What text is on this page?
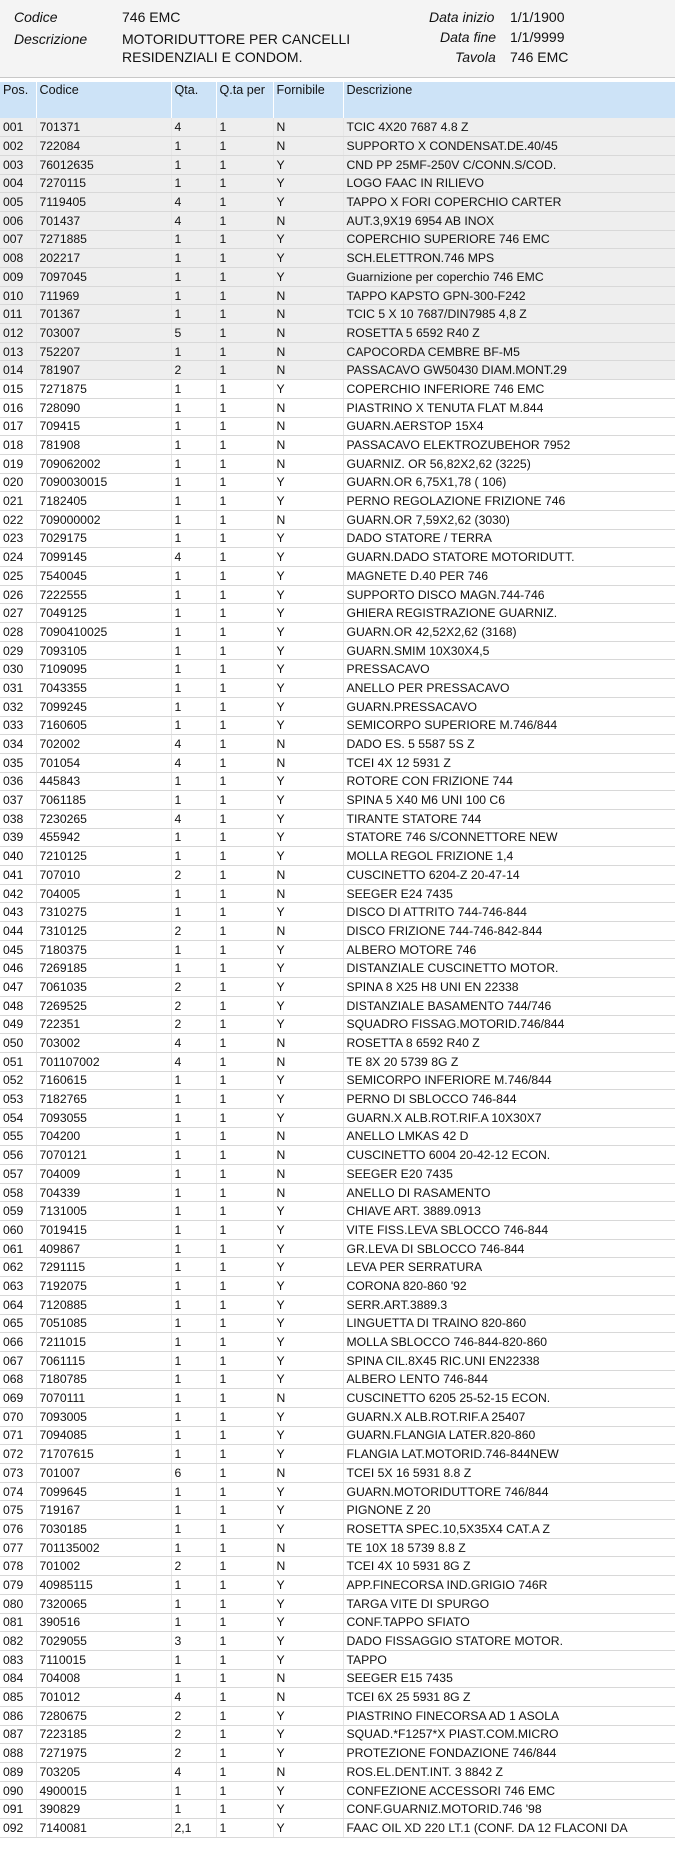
Codice	746 EMC
Descrizione MOTORIDUTTORE PER CANCELLI
RESIDENZIALI E CONDOM.
Data inizio 1/1/1900
Data fine 1/1/9999
Tavola 746 EMC
Pos.	Codice	Qta.	Q.ta per	Fornibile	Descrizione
001	701371	4	1	N	TCIC 4X20 7687 4.8 Z
002	722084	1	1	N	SUPPORTO X CONDENSAT.DE.40/45
003	76012635	1	1	Y	CND PP 25MF-250V C/CONN.S/COD.
004	7270115	1	1	Y	LOGO FAAC IN RILIEVO
005	7119405	4	1	Y	TAPPO X FORI COPERCHIO CARTER
006	701437	4	1	N	AUT.3,9X19 6954 AB INOX
007	7271885	1	1	Y	COPERCHIO SUPERIORE 746 EMC
008	202217	1	1	Y	SCH.ELETTRON.746 MPS
009	7097045	1	1	Y	Guarnizione per coperchio 746 EMC
010	711969	1	1	N	TAPPO KAPSTO GPN-300-F242
011	701367	1	1	N	TCIC 5 X 10 7687/DIN7985 4,8 Z
012	703007	5	1	N	ROSETTA 5 6592 R40 Z
013	752207	1	1	N	CAPOCORDA CEMBRE BF-M5
014	781907	2	1	N	PASSACAVO GW50430 DIAM.MONT.29
015	7271875	1	1	Y	COPERCHIO INFERIORE 746 EMC
016	728090	1	1	N	PIASTRINO X TENUTA FLAT M.844
017	709415	1	1	N	GUARN.AERSTOP 15X4
018	781908	1	1	N	PASSACAVO ELEKTROZUBEHOR 7952
019	709062002	1	1	N	GUARNIZ. OR 56,82X2,62 (3225)
020	7090030015	1	1	Y	GUARN.OR 6,75X1,78 ( 106)
021	7182405	1	1	Y	PERNO REGOLAZIONE FRIZIONE 746
022	709000002	1	1	N	GUARN.OR 7,59X2,62 (3030)
023	7029175	1	1	Y	DADO STATORE / TERRA
024	7099145	4	1	Y	GUARN.DADO STATORE MOTORIDUTT.
025	7540045	1	1	Y	MAGNETE D.40 PER 746
026	7222555	1	1	Y	SUPPORTO DISCO MAGN.744-746
027	7049125	1	1	Y	GHIERA REGISTRAZIONE GUARNIZ.
028	7090410025	1	1	Y	GUARN.OR 42,52X2,62 (3168)
029	7093105	1	1	Y	GUARN.SMIM 10X30X4,5
030	7109095	1	1	Y	PRESSACAVO
031	7043355	1	1	Y	ANELLO PER PRESSACAVO
032	7099245	1	1	Y	GUARN.PRESSACAVO
033	7160605	1	1	Y	SEMICORPO SUPERIORE M.746/844
034	702002	4	1	N	DADO ES. 5 5587 5S Z
035	701054	4	1	N	TCEI 4X 12 5931 Z
036	445843	1	1	Y	ROTORE CON FRIZIONE 744
037	7061185	1	1	Y	SPINA 5 X40 M6 UNI 100 C6
038	7230265	4	1	Y	TIRANTE STATORE 744
039	455942	1	1	Y	STATORE 746 S/CONNETTORE NEW
040	7210125	1	1	Y	MOLLA REGOL FRIZIONE 1,4
041	707010	2	1	N	CUSCINETTO 6204-Z 20-47-14
042	704005	1	1	N	SEEGER E24 7435
043	7310275	1	1	Y	DISCO DI ATTRITO 744-746-844
044	7310125	2	1	N	DISCO FRIZIONE 744-746-842-844
045	7180375	1	1	Y	ALBERO MOTORE 746
046	7269185	1	1	Y	DISTANZIALE CUSCINETTO MOTOR.
047	7061035	2	1	Y	SPINA 8 X25 H8 UNI EN 22338
048	7269525	2	1	Y	DISTANZIALE BASAMENTO 744/746
049	722351	2	1	Y	SQUADRO FISSAG.MOTORID.746/844
050	703002	4	1	N	ROSETTA 8 6592 R40 Z
051	701107002	4	1	N	TE 8X 20 5739 8G Z
052	7160615	1	1	Y	SEMICORPO INFERIORE M.746/844
053	7182765	1	1	Y	PERNO DI SBLOCCO 746-844
054	7093055	1	1	Y	GUARN.X ALB.ROT.RIF.A 10X30X7
055	704200	1	1	N	ANELLO LMKAS 42 D
056	7070121	1	1	N	CUSCINETTO 6004 20-42-12 ECON.
057	704009	1	1	N	SEEGER E20 7435
058	704339	1	1	N	ANELLO DI RASAMENTO
059	7131005	1	1	Y	CHIAVE ART. 3889.0913
060	7019415	1	1	Y	VITE FISS.LEVA SBLOCCO 746-844
061	409867	1	1	Y	GR.LEVA DI SBLOCCO 746-844
062	7291115	1	1	Y	LEVA PER SERRATURA
063	7192075	1	1	Y	CORONA 820-860 '92
064	7120885	1	1	Y	SERR.ART.3889.3
065	7051085	1	1	Y	LINGUETTA DI TRAINO 820-860
066	7211015	1	1	Y	MOLLA SBLOCCO 746-844-820-860
067	7061115	1	1	Y	SPINA CIL.8X45 RIC.UNI EN22338
068	7180785	1	1	Y	ALBERO LENTO 746-844
069	7070111	1	1	N	CUSCINETTO 6205 25-52-15 ECON.
070	7093005	1	1	Y	GUARN.X ALB.ROT.RIF.A 25407
071	7094085	1	1	Y	GUARN.FLANGIA LATER.820-860
072	71707615	1	1	Y	FLANGIA LAT.MOTORID.746-844NEW
073	701007	6	1	N	TCEI 5X 16 5931 8.8 Z
074	7099645	1	1	Y	GUARN.MOTORIDUTTORE 746/844
075	719167	1	1	Y	PIGNONE Z 20
076	7030185	1	1	Y	ROSETTA SPEC.10,5X35X4 CAT.A Z
077	701135002	1	1	N	TE 10X 18 5739 8.8 Z
078	701002	2	1	N	TCEI 4X 10 5931 8G Z
079	40985115	1	1	Y	APP.FINECORSA IND.GRIGIO 746R
080	7320065	1	1	Y	TARGA VITE DI SPURGO
081	390516	1	1	Y	CONF.TAPPO SFIATO
082	7029055	3	1	Y	DADO FISSAGGIO STATORE MOTOR.
083	7110015	1	1	Y	TAPPO
084	704008	1	1	N	SEEGER E15 7435
085	701012	4	1	N	TCEI 6X 25 5931 8G Z
086	7280675	2	1	Y	PIASTRINO FINECORSA AD 1 ASOLA
087	7223185	2	1	Y	SQUAD.*F1257*X PIAST.COM.MICRO
088	7271975	2	1	Y	PROTEZIONE FONDAZIONE 746/844
089	703205	4	1	N	ROS.EL.DENT.INT. 3 8842 Z
090	4900015	1	1	Y	CONFEZIONE ACCESSORI 746 EMC
091	390829	1	1	Y	CONF.GUARNIZ.MOTORID.746 '98
092	7140081	2,1	1	Y	FAAC OIL XD 220 LT.1 (CONF. DA 12 FLACONI DA
